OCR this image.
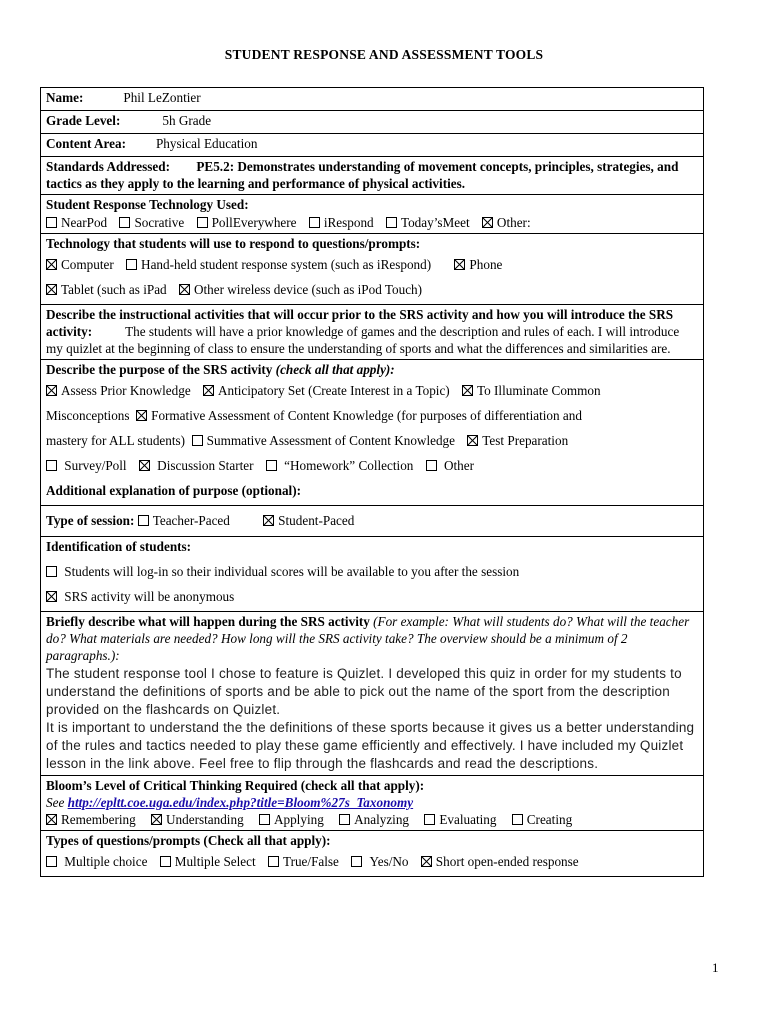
STUDENT RESPONSE AND ASSESSMENT TOOLS
Name:	Phil LeZontier
Grade Level:	5h Grade
Content Area: Physical Education
Standards Addressed: PE5.2: Demonstrates understanding of movement concepts, principles, strategies, and tactics as they apply to the learning and performance of physical activities.

Student Response Technology Used:
NearPod Socrative PollEverywhere iRespond Today’sMeet Other:

Technology that students will use to respond to questions/prompts:
Computer Hand-held student response system (such as iRespond)	Phone
Tablet (such as iPad Other wireless device (such as iPod Touch)

Describe the instructional activities that will occur prior to the SRS activity and how you will introduce the SRS activity: The students will have a prior knowledge of games and the description and rules of each. I will introduce my quizlet at the beginning of class to ensure the understanding of sports and what the differences and similarities are.

Describe the purpose of the SRS activity (check all that apply):
Assess Prior Knowledge Anticipatory Set (Create Interest in a Topic) To Illuminate Common
Misconceptions Formative Assessment of Content Knowledge (for purposes of differentiation and
mastery for ALL students) Summative Assessment of Content Knowledge Test Preparation
Survey/Poll Discussion Starter “Homework” Collection Other
Additional explanation of purpose (optional):

Type of session: Teacher-Paced	Student-Paced

Identification of students:
Students will log-in so their individual scores will be available to you after the session
SRS activity will be anonymous

Briefly describe what will happen during the SRS activity (For example: What will students do? What will the teacher do? What materials are needed? How long will the SRS activity take? The overview should be a minimum of 2 paragraphs.):
The student response tool I chose to feature is Quizlet. I developed this quiz in order for my students to understand the definitions of sports and be able to pick out the name of the sport from the description provided on the flashcards on Quizlet.
It is important to understand the the definitions of these sports because it gives us a better understanding of the rules and tactics needed to play these game efficiently and effectively. I have included my Quizlet lesson in the link above. Feel free to flip through the flashcards and read the descriptions.

Bloom’s Level of Critical Thinking Required (check all that apply):
See http://epltt.coe.uga.edu/index.php?title=Bloom%27s_Taxonomy
Remembering Understanding Applying Analyzing Evaluating Creating

Types of questions/prompts (Check all that apply):
Multiple choice Multiple Select True/False Yes/No Short open-ended response
1
